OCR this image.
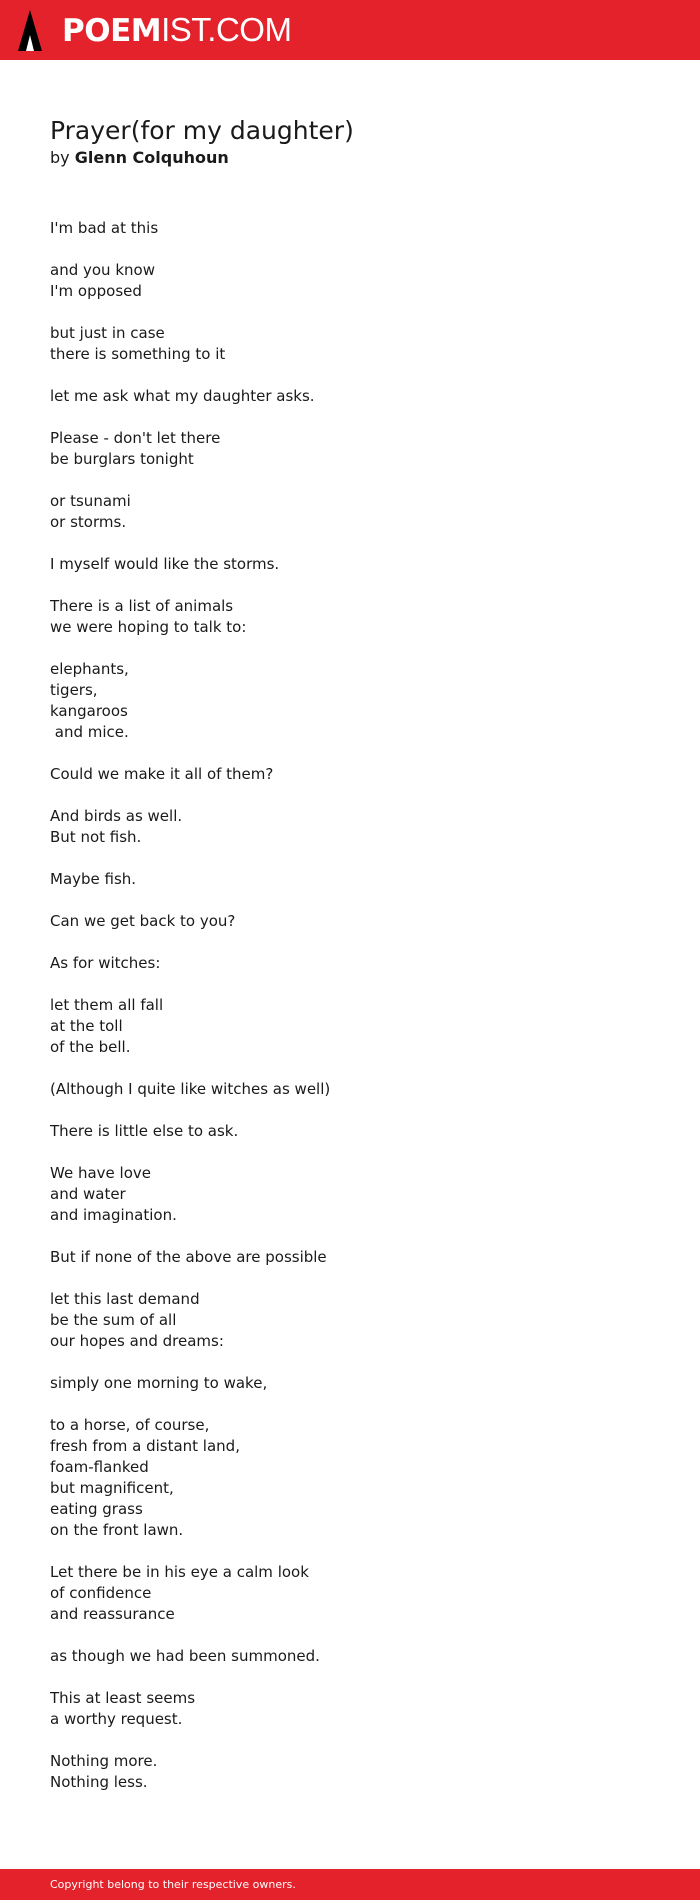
POEMIST.COM
Prayer(for my daughter)
by Glenn Colquhoun
I'm bad at this
and you know
I'm opposed
but just in case
there is something to it
let me ask what my daughter asks.
Please - don't let there
be burglars tonight
or tsunami
or storms.
I myself would like the storms.
There is a list of animals
we were hoping to talk to:
elephants,
tigers,
kangaroos
and mice.
Could we make it all of them?
And birds as well.
But not fish.
Maybe fish.
Can we get back to you?
As for witches:
let them all fall
at the toll
of the bell.
(Although I quite like witches as well)
There is little else to ask.
We have love
and water
and imagination.
But if none of the above are possible
let this last demand
be the sum of all
our hopes and dreams:
simply one morning to wake,
to a horse, of course,
fresh from a distant land,
foam-flanked
but magnificent,
eating grass
on the front lawn.
Let there be in his eye a calm look
of confidence
and reassurance
as though we had been summoned.
This at least seems
a worthy request.
Nothing more.
Nothing less.
Copyright belong to their respective owners.
